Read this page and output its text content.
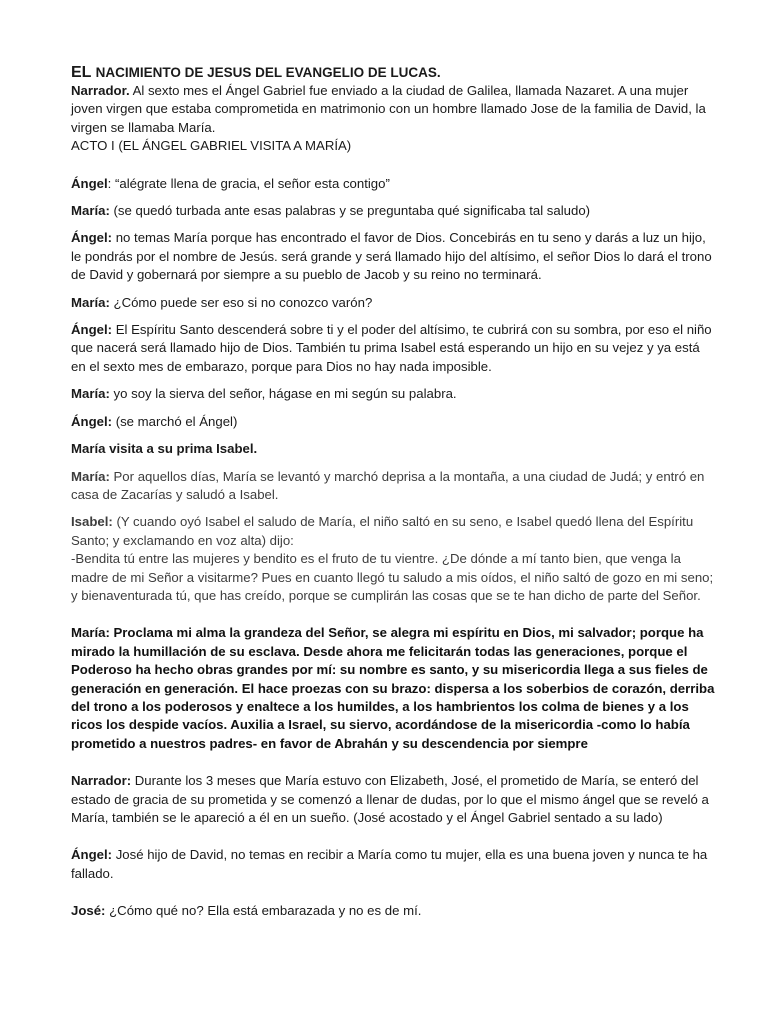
EL NACIMIENTO DE JESUS DEL EVANGELIO DE LUCAS.

Narrador. Al sexto mes el Ángel Gabriel fue enviado a la ciudad de Galilea, llamada Nazaret. A una mujer joven virgen que estaba comprometida en matrimonio con un hombre llamado Jose de la familia de David, la virgen se llamaba María.

ACTO I (EL ÁNGEL GABRIEL VISITA A MARÍA)

Ángel: “alégrate llena de gracia, el señor esta contigo”

María: (se quedó turbada ante esas palabras y se preguntaba qué significaba tal saludo)

Ángel: no temas María porque has encontrado el favor de Dios. Concebirás en tu seno y darás a luz un hijo, le pondrás por el nombre de Jesús. será grande y será llamado hijo del altísimo, el señor Dios lo dará el trono de David y gobernará por siempre a su pueblo de Jacob y su reino no terminará.

María: ¿Cómo puede ser eso si no conozco varón?

Ángel: El Espíritu Santo descenderá sobre ti y el poder del altísimo, te cubrirá con su sombra, por eso el niño que nacerá será llamado hijo de Dios. También tu prima Isabel está esperando un hijo en su vejez y ya está en el sexto mes de embarazo, porque para Dios no hay nada imposible.

María: yo soy la sierva del señor, hágase en mi según su palabra.

Ángel: (se marchó el Ángel)

María visita a su prima Isabel.

María: Por aquellos días, María se levantó y marchó deprisa a la montaña, a una ciudad de Judá; y entró en casa de Zacarías y saludó a Isabel.

Isabel: (Y cuando oyó Isabel el saludo de María, el niño saltó en su seno, e Isabel quedó llena del Espíritu Santo; y exclamando en voz alta) dijo:
-Bendita tú entre las mujeres y bendito es el fruto de tu vientre. ¿De dónde a mí tanto bien, que venga la madre de mi Señor a visitarme? Pues en cuanto llegó tu saludo a mis oídos, el niño saltó de gozo en mi seno; y bienaventurada tú, que has creído, porque se cumplirán las cosas que se te han dicho de parte del Señor.

María: Proclama mi alma la grandeza del Señor, se alegra mi espíritu en Dios, mi salvador; porque ha mirado la humillación de su esclava. Desde ahora me felicitarán todas las generaciones, porque el Poderoso ha hecho obras grandes por mí: su nombre es santo, y su misericordia llega a sus fieles de generación en generación. El hace proezas con su brazo: dispersa a los soberbios de corazón, derriba del trono a los poderosos y enaltece a los humildes, a los hambrientos los colma de bienes y a los ricos los despide vacíos. Auxilia a Israel, su siervo, acordándose de la misericordia -como lo había prometido a nuestros padres- en favor de Abrahán y su descendencia por siempre

Narrador: Durante los 3 meses que María estuvo con Elizabeth, José, el prometido de María, se enteró del estado de gracia de su prometida y se comenzó a llenar de dudas, por lo que el mismo ángel que se reveló a María, también se le apareció a él en un sueño. (José acostado y el Ángel Gabriel sentado a su lado)

Ángel: José hijo de David, no temas en recibir a María como tu mujer, ella es una buena joven y nunca te ha fallado.

José: ¿Cómo qué no? Ella está embarazada y no es de mí.
